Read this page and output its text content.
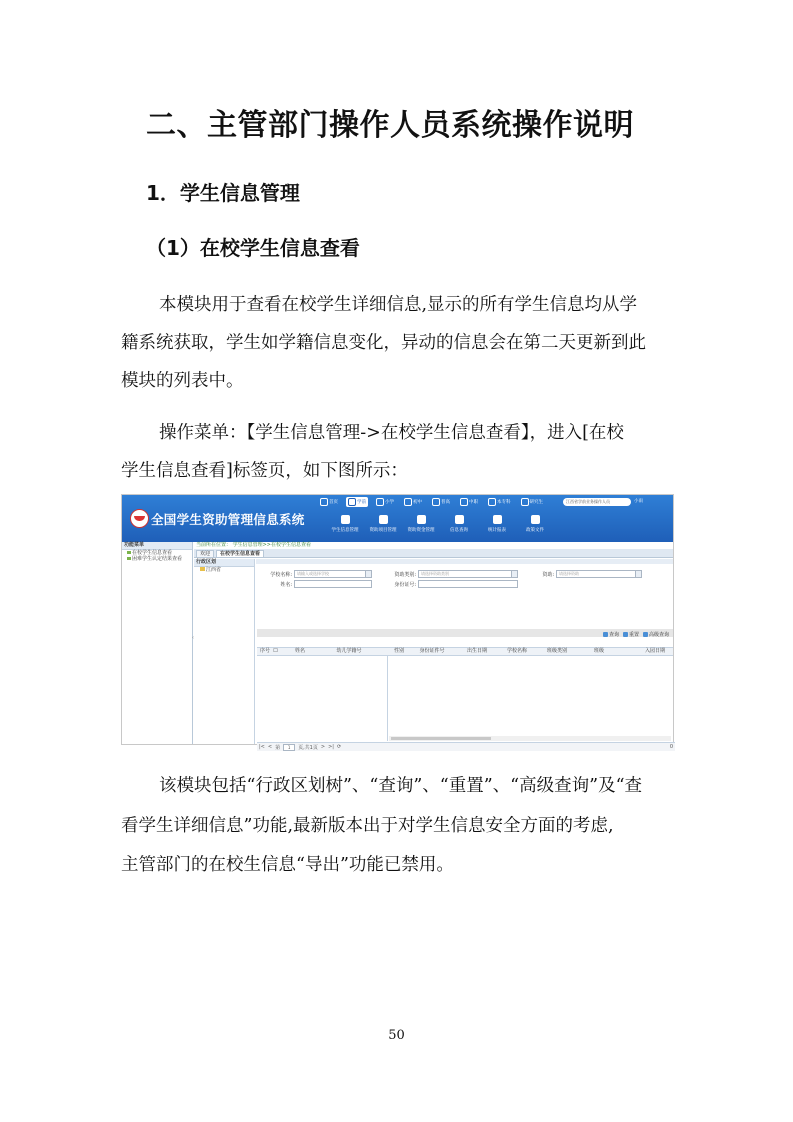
二、主管部门操作人员系统操作说明
1．学生信息管理
（1）在校学生信息查看
本模块用于查看在校学生详细信息,显示的所有学生信息均从学
籍系统获取，学生如学籍信息变化，异动的信息会在第二天更新到此
模块的列表中。
操作菜单：【学生信息管理->在校学生信息查看】，进入[在校
学生信息查看]标签页，如下图所示：
全国学生资助管理信息系统
首页	学前	小学	初中	普高	中职	本专科	研究生	江西省学前业务操作人员	小雨
学生信息管理	资助项目管理	资助资金管理	信息查询	统计报表	政策文件
功能菜单
在校学生信息查看
困难学生认定结果查看
‹
当前所在位置： 学生信息管理>>在校学生信息查看
欢迎	在校学生信息查看
行政区划
江西省
学校名称:	请输入或选择学校	资助类别:	请选择资助类别	资助:	请选择资助
姓名:	身份证号:
查询 重置 高级查询
序号 ☐	姓名	幼儿学籍号	性别	身份证件号	出生日期	学校名称	班级类别	班级	入园日期
|< < 第	1	页,共1页 > >| ⟳	0
该模块包括“行政区划树”、“查询”、“重置”、“高级查询”及“查
看学生详细信息”功能,最新版本出于对学生信息安全方面的考虑,
主管部门的在校生信息“导出”功能已禁用。
50
